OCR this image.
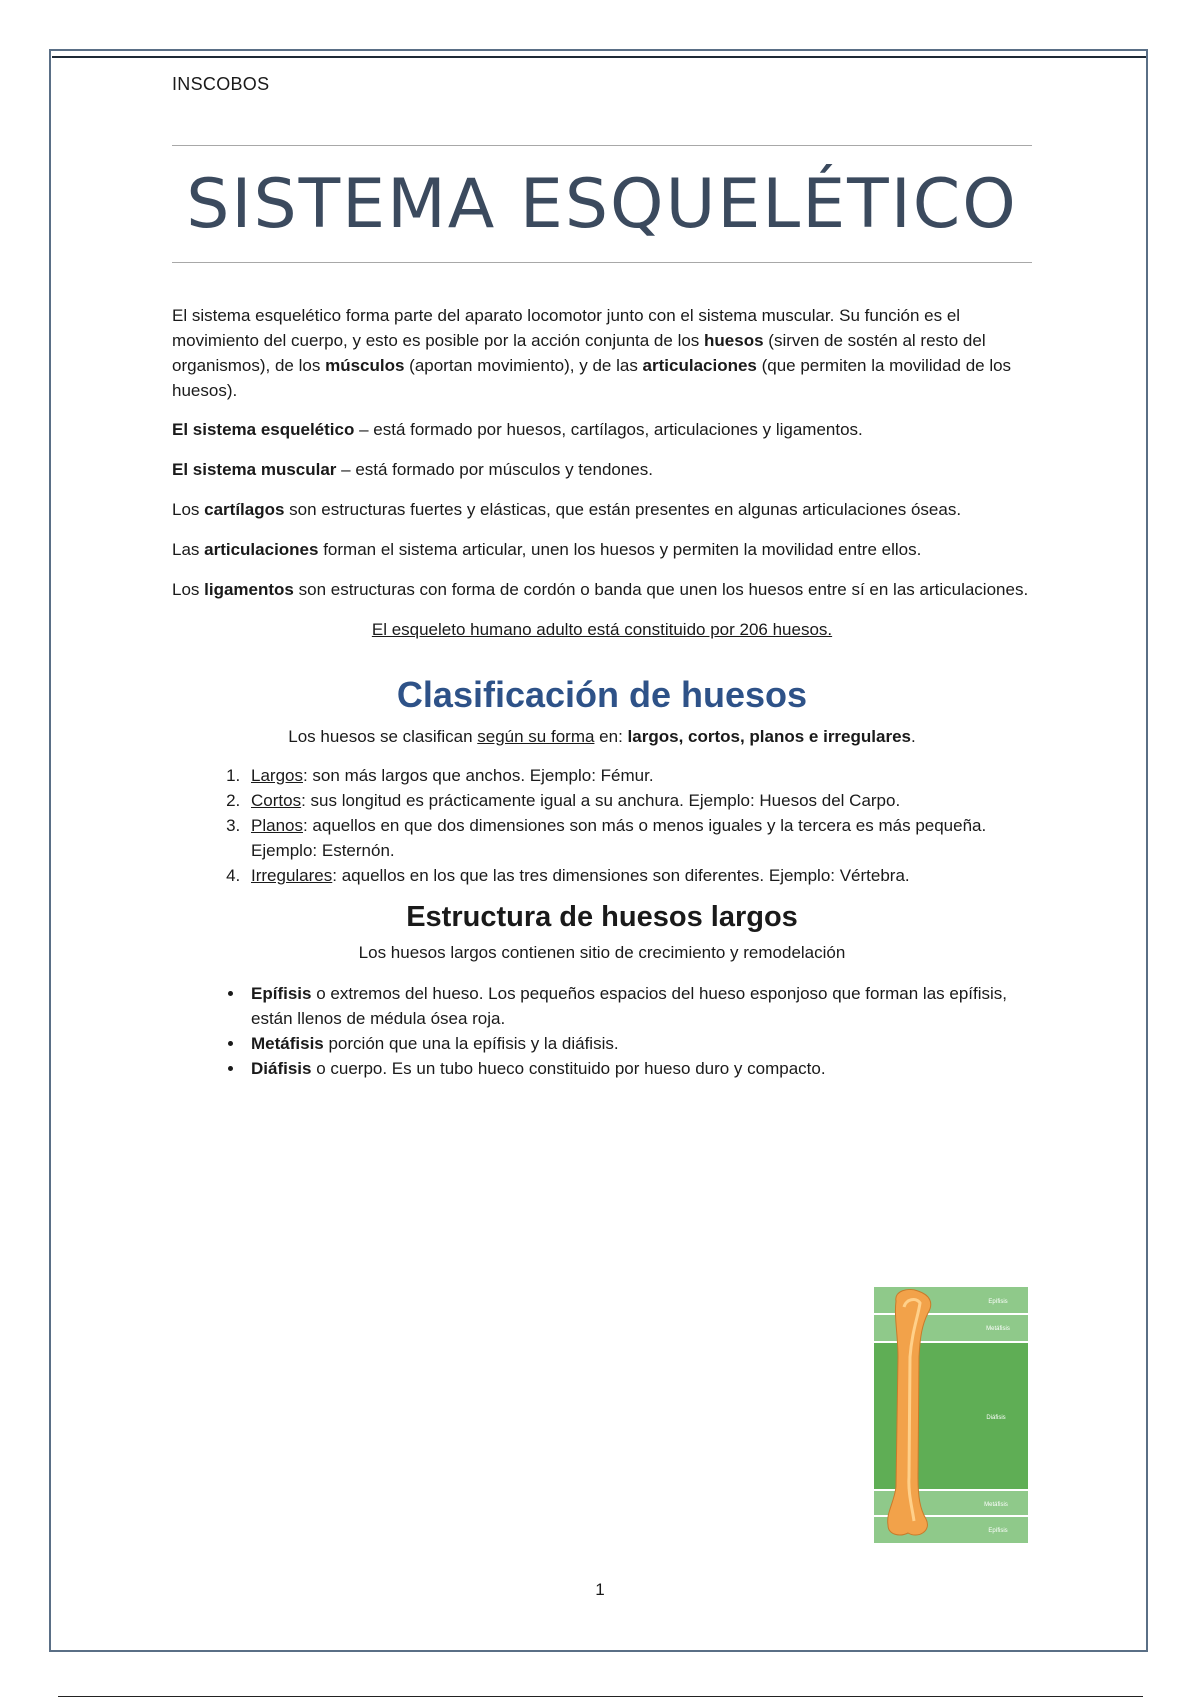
INSCOBOS
SISTEMA ESQUELÉTICO

El sistema esquelético forma parte del aparato locomotor junto con el sistema muscular. Su función es el movimiento del cuerpo, y esto es posible por la acción conjunta de los huesos (sirven de sostén al resto del organismos), de los músculos (aportan movimiento), y de las articulaciones (que permiten la movilidad de los huesos).

El sistema esquelético – está formado por huesos, cartílagos, articulaciones y ligamentos.

El sistema muscular – está formado por músculos y tendones.

Los cartílagos son estructuras fuertes y elásticas, que están presentes en algunas articulaciones óseas.

Las articulaciones forman el sistema articular, unen los huesos y permiten la movilidad entre ellos.

Los ligamentos son estructuras con forma de cordón o banda que unen los huesos entre sí en las articulaciones.

El esqueleto humano adulto está constituido por 206 huesos.

Clasificación de huesos

Los huesos se clasifican según su forma en: largos, cortos, planos e irregulares.

1. Largos: son más largos que anchos. Ejemplo: Fémur.
2. Cortos: sus longitud es prácticamente igual a su anchura. Ejemplo: Huesos del Carpo.
3. Planos: aquellos en que dos dimensiones son más o menos iguales y la tercera es más pequeña. Ejemplo: Esternón.
4. Irregulares: aquellos en los que las tres dimensiones son diferentes. Ejemplo: Vértebra.
Estructura de huesos largos
Los huesos largos contienen sitio de crecimiento y remodelación
• Epífisis o extremos del hueso. Los pequeños espacios del hueso esponjoso que forman las epífisis, están llenos de médula ósea roja.
• Metáfisis porción que una la epífisis y la diáfisis.
• Diáfisis o cuerpo. Es un tubo hueco constituido por hueso duro y compacto.
Epífisis
Metáfisis
Diáfisis
Metáfisis
Epífisis
1
